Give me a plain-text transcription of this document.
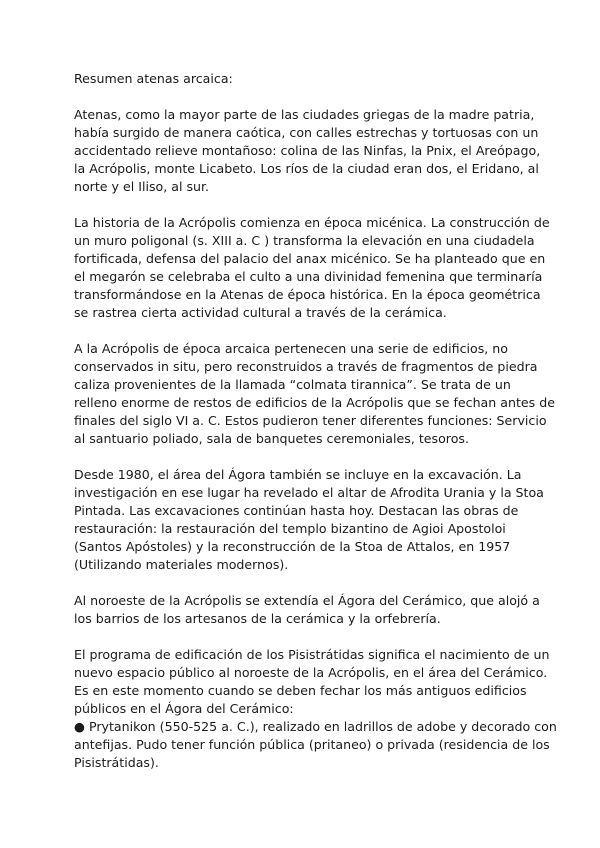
Resumen atenas arcaica:

Atenas, como la mayor parte de las ciudades griegas de la madre patria,

había surgido de manera caótica, con calles estrechas y tortuosas con un

accidentado relieve montañoso: colina de las Ninfas, la Pnix, el Areópago,

la Acrópolis, monte Licabeto. Los ríos de la ciudad eran dos, el Eridano, al

norte y el Iliso, al sur.

La historia de la Acrópolis comienza en época micénica. La construcción de

un muro poligonal (s. XIII a. C ) transforma la elevación en una ciudadela

fortificada, defensa del palacio del anax micénico. Se ha planteado que en

el megarón se celebraba el culto a una divinidad femenina que terminaría

transformándose en la Atenas de época histórica. En la época geométrica

se rastrea cierta actividad cultural a través de la cerámica.

A la Acrópolis de época arcaica pertenecen una serie de edificios, no

conservados in situ, pero reconstruidos a través de fragmentos de piedra

caliza provenientes de la llamada “colmata tirannica”. Se trata de un

relleno enorme de restos de edificios de la Acrópolis que se fechan antes de

finales del siglo VI a. C. Estos pudieron tener diferentes funciones: Servicio

al santuario poliado, sala de banquetes ceremoniales, tesoros.

Desde 1980, el área del Ágora también se incluye en la excavación. La

investigación en ese lugar ha revelado el altar de Afrodita Urania y la Stoa

Pintada. Las excavaciones continúan hasta hoy. Destacan las obras de

restauración: la restauración del templo bizantino de Agioi Apostoloi

(Santos Apóstoles) y la reconstrucción de la Stoa de Attalos, en 1957

(Utilizando materiales modernos).

Al noroeste de la Acrópolis se extendía el Ágora del Cerámico, que alojó a

los barrios de los artesanos de la cerámica y la orfebrería.

El programa de edificación de los Pisistrátidas significa el nacimiento de un

nuevo espacio público al noroeste de la Acrópolis, en el área del Cerámico.

Es en este momento cuando se deben fechar los más antiguos edificios

públicos en el Ágora del Cerámico:

● Prytanikon (550-525 a. C.), realizado en ladrillos de adobe y decorado con

antefijas. Pudo tener función pública (pritaneo) o privada (residencia de los

Pisistrátidas).
